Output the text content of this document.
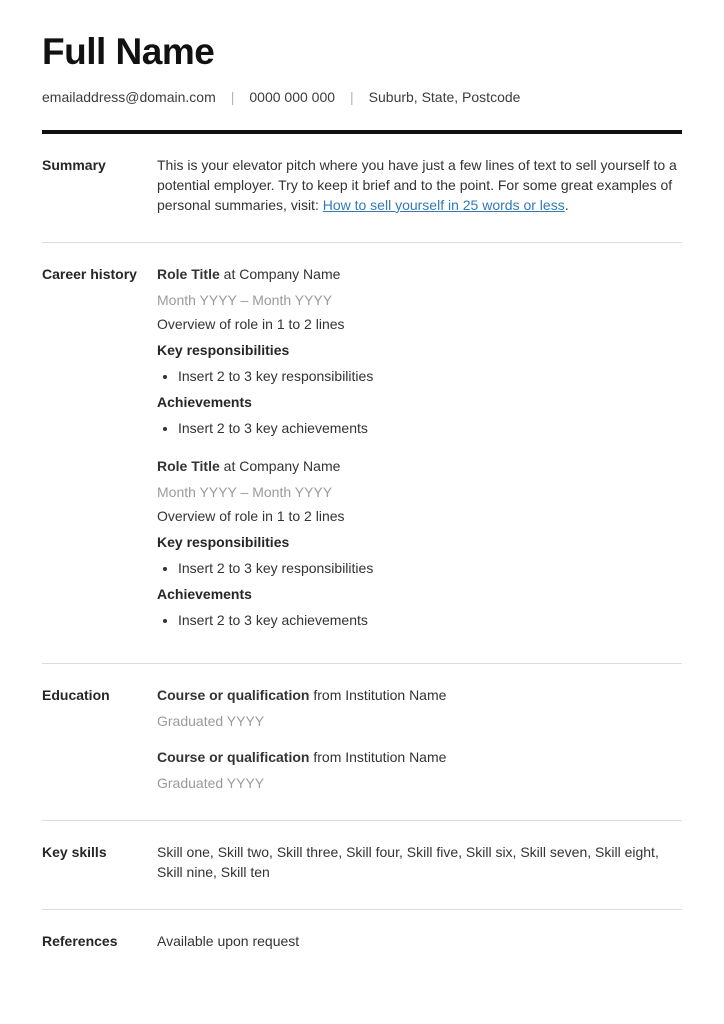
Full Name
emailaddress@domain.com | 0000 000 000 | Suburb, State, Postcode
Summary	This is your elevator pitch where you have just a few lines of text to sell yourself to a potential employer. Try to keep it brief and to the point. For some great examples of personal summaries, visit: How to sell yourself in 25 words or less.

Career history	Role Title at Company Name

Month YYYY – Month YYYY

Overview of role in 1 to 2 lines

Key responsibilities

• Insert 2 to 3 key responsibilities

Achievements

• Insert 2 to 3 key achievements

Role Title at Company Name

Month YYYY – Month YYYY

Overview of role in 1 to 2 lines

Key responsibilities

• Insert 2 to 3 key responsibilities

Achievements

• Insert 2 to 3 key achievements
Education	Course or qualification from Institution Name

Graduated YYYY

Course or qualification from Institution Name

Graduated YYYY

Key skills	Skill one, Skill two, Skill three, Skill four, Skill five, Skill six, Skill seven, Skill eight, Skill nine, Skill ten

References	Available upon request
